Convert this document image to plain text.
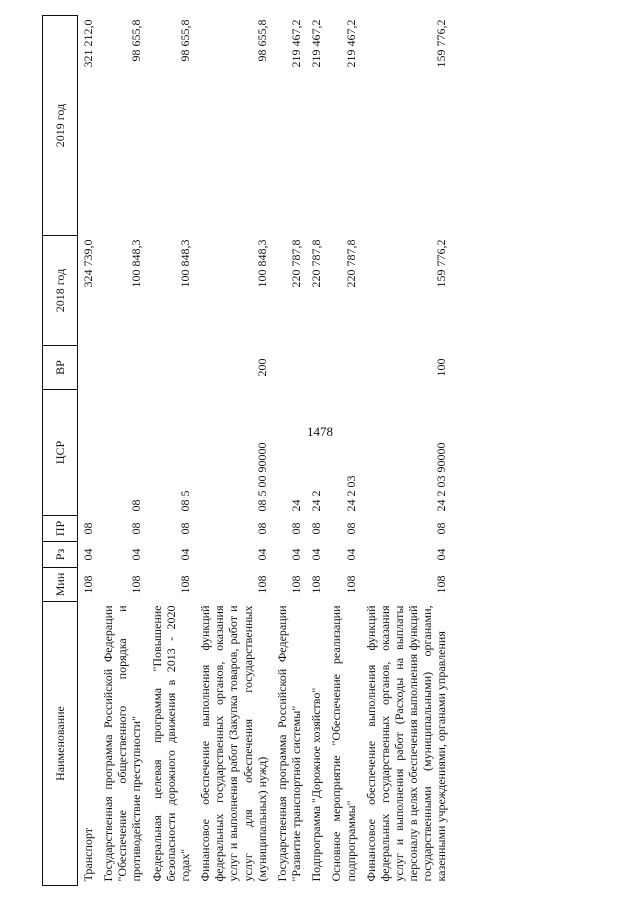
1478
Наименование	Мин	Рз	ПР	ЦСР	ВР	2018 год	2019 год
Транспорт	108	04	08			324 739,0	321 212,0
Государственная программа Российской Федерации "Обеспечение общественного порядка и противодействие преступности"	108	04	08	08		100 848,3	98 655,8
Федеральная целевая программа "Повышение безопасности дорожного движения в 2013 - 2020 годах"	108	04	08	08 5		100 848,3	98 655,8
Финансовое обеспечение выполнения функций федеральных государственных органов, оказания услуг и выполнения работ (Закупка товаров, работ и услуг для обеспечения государственных (муниципальных) нужд)	108	04	08	08 5 00 90000	200	100 848,3	98 655,8
Государственная программа Российской Федерации "Развитие транспортной системы"	108	04	08	24		220 787,8	219 467,2
Подпрограмма "Дорожное хозяйство"	108	04	08	24 2		220 787,8	219 467,2
Основное мероприятие "Обеспечение реализации подпрограммы"	108	04	08	24 2 03		220 787,8	219 467,2
Финансовое обеспечение выполнения функций федеральных государственных органов, оказания услуг и выполнения работ (Расходы на выплаты персоналу в целях обеспечения выполнения функций государственными (муниципальными) органами, казенными учреждениями, органами управления	108	04	08	24 2 03 90000	100	159 776,2	159 776,2
